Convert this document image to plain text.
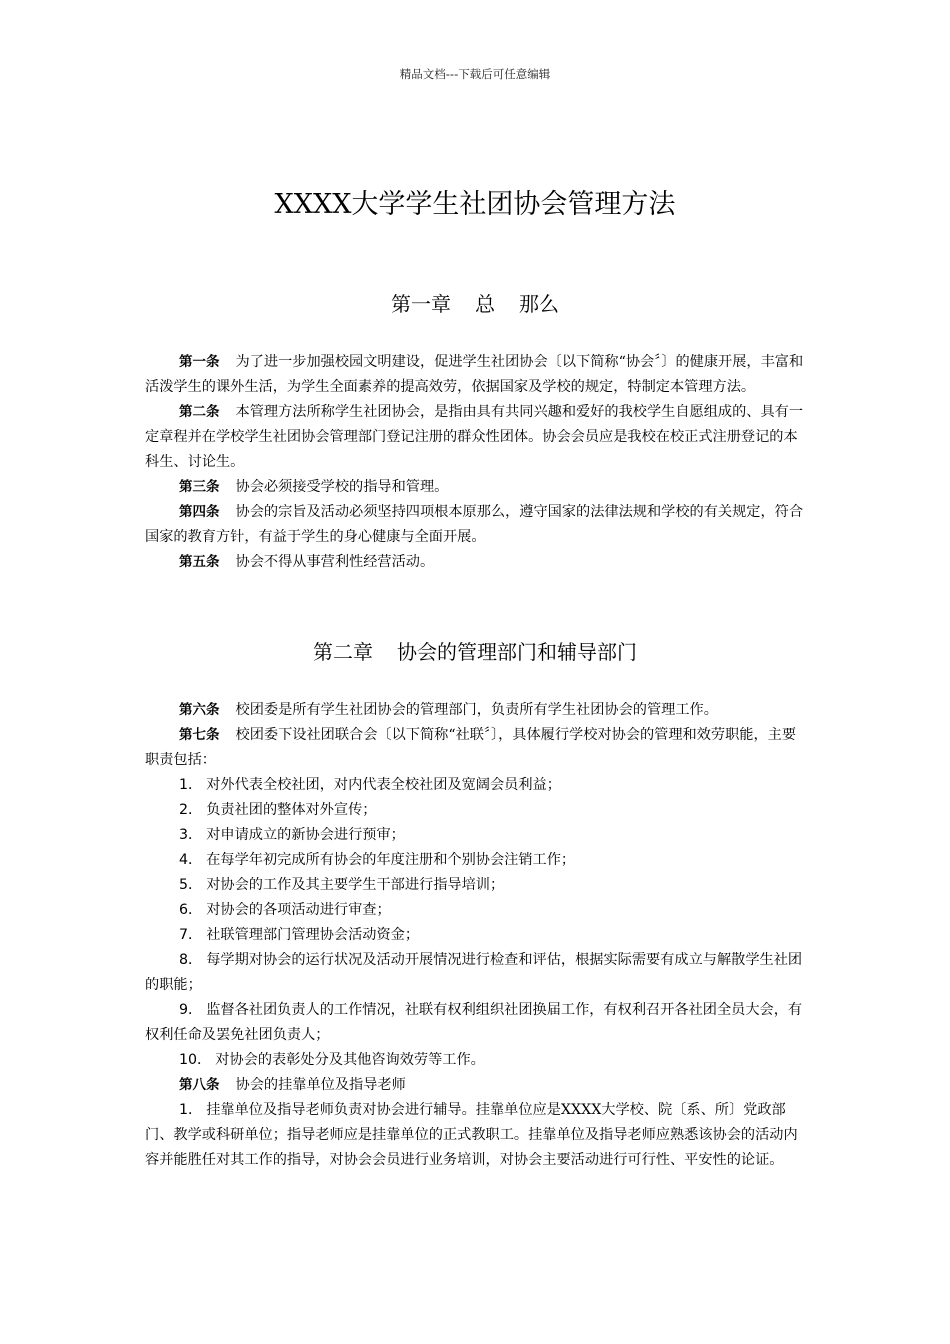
精品文档---下载后可任意编辑
XXXX大学学生社团协会管理方法
第一章 总 那么

第一条 为了进一步加强校园文明建设，促进学生社团协会〔以下简称“协会〞〕的健康开展，丰富和活泼学生的课外生活，为学生全面素养的提高效劳，依据国家及学校的规定，特制定本管理方法。

第二条 本管理方法所称学生社团协会，是指由具有共同兴趣和爱好的我校学生自愿组成的、具有一定章程并在学校学生社团协会管理部门登记注册的群众性团体。协会会员应是我校在校正式注册登记的本科生、讨论生。

第三条 协会必须接受学校的指导和管理。

第四条 协会的宗旨及活动必须坚持四项根本原那么，遵守国家的法律法规和学校的有关规定，符合国家的教育方针，有益于学生的身心健康与全面开展。

第五条 协会不得从事营利性经营活动。

第二章 协会的管理部门和辅导部门

第六条 校团委是所有学生社团协会的管理部门，负责所有学生社团协会的管理工作。

第七条 校团委下设社团联合会〔以下简称“社联〞〕，具体履行学校对协会的管理和效劳职能，主要职责包括：

1． 对外代表全校社团，对内代表全校社团及宽阔会员利益；

2． 负责社团的整体对外宣传；

3． 对申请成立的新协会进行预审；

4． 在每学年初完成所有协会的年度注册和个别协会注销工作；

5． 对协会的工作及其主要学生干部进行指导培训；

6． 对协会的各项活动进行审查；

7． 社联管理部门管理协会活动资金；

8． 每学期对协会的运行状况及活动开展情况进行检查和评估，根据实际需要有成立与解散学生社团的职能；

9． 监督各社团负责人的工作情况，社联有权利组织社团换届工作，有权利召开各社团全员大会，有权利任命及罢免社团负责人；

10． 对协会的表彰处分及其他咨询效劳等工作。

第八条 协会的挂靠单位及指导老师

1． 挂靠单位及指导老师负责对协会进行辅导。挂靠单位应是XXXX大学校、院〔系、所〕党政部门、教学或科研单位；指导老师应是挂靠单位的正式教职工。挂靠单位及指导老师应熟悉该协会的活动内容并能胜任对其工作的指导，对协会会员进行业务培训，对协会主要活动进行可行性、平安性的论证。
